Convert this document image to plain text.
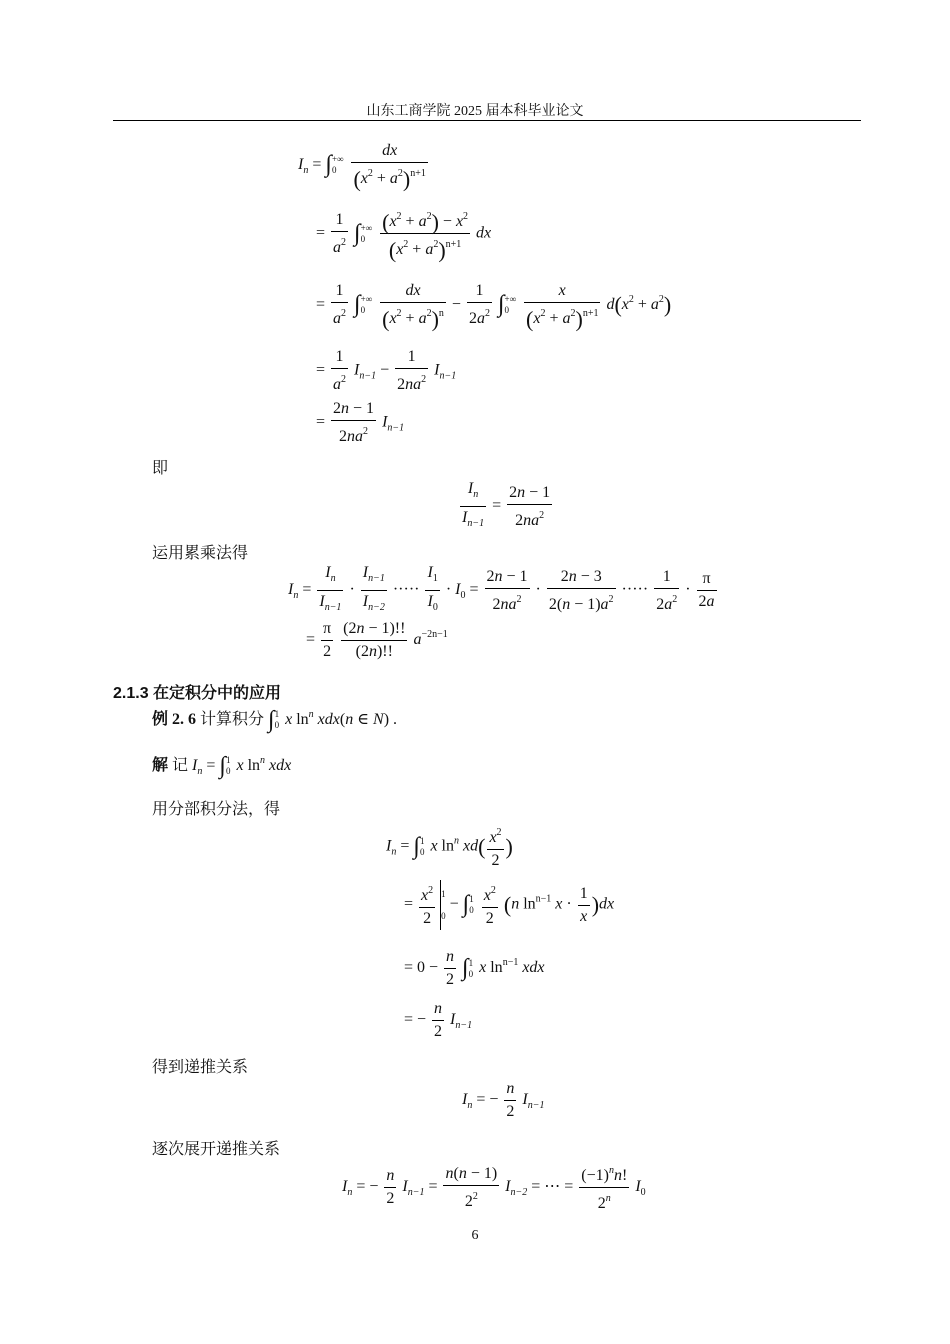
山东工商学院 2025 届本科毕业论文
$I_n$ = ∫ +∞
0
$\frac{dx}{(x^2 + a^2)^{n+1}}$
= $\frac{1}{a^2}$ ∫ +∞
0
$\frac{(x^2 + a^2) - x^2}{(x^2 + a^2)^{n+1}}$ dx
= $\frac{1}{a^2}$ ∫ +∞
0
$\frac{dx}{(x^2 + a^2)^n} - \frac{1}{2a^2}$ ∫ +∞
0
$\frac{x}{(x^2 + a^2)^{n+1}} d(x^2 + a^2)$
= $\frac{1}{a^2} I_{n-1} - \frac{1}{2na^2} I_{n-1}$
= $\frac{2n - 1}{2na^2} I_{n-1}$
即
$\frac{I_n}{I_{n-1}} = \frac{2n - 1}{2na^2}$
运用累乘法得
$I_n = \frac{I_n}{I_{n-1}} \cdot \frac{I_{n-1}}{I_{n-2}}$ ····· $\frac{I_1}{I_0} \cdot I_0 = \frac{2n - 1}{2na^2} \cdot \frac{2n - 3}{2(n - 1)a^2}$ ····· $\frac{1}{2a^2} \cdot \frac{\pi}{2a}$
= $\frac{\pi}{2}$
$\frac{(2n - 1)!!}{(2n)!!} a^{-2n-1}$
2.1.3 在定积分中的应用
例 2. 6 计算积分 ∫ 1
0 x $\ln^n xdx(n$ ∈ N) .
解 记 $I_n$ = ∫ 1
0 x $\ln^n$ xdx
用分部积分法，得
$I_n$ = ∫ 1
0 x $\ln^n xd( \frac{x^2}{2}$ )
= $\frac{x^2}{2} 1$
0
− ∫ 1
0
$\frac{x^2}{2} (n$ $\ln^{n-1} x \cdot \frac{1}{x} )dx$
= $0 - \frac{n}{2}$ ∫ 1
0 x $\ln^{n-1}$ xdx
= − $\frac{n}{2} I_{n-1}$
得到递推关系
$I_n$ = − $\frac{n}{2} I_{n-1}$
逐次展开递推关系
$I_n$ = − $\frac{n}{2} I_{n-1} = \frac{n(n - 1)}{2^2} I_{n-2}$ = ⋯ = $\frac{(-1)^nn!}{2^n} I_0$
6
